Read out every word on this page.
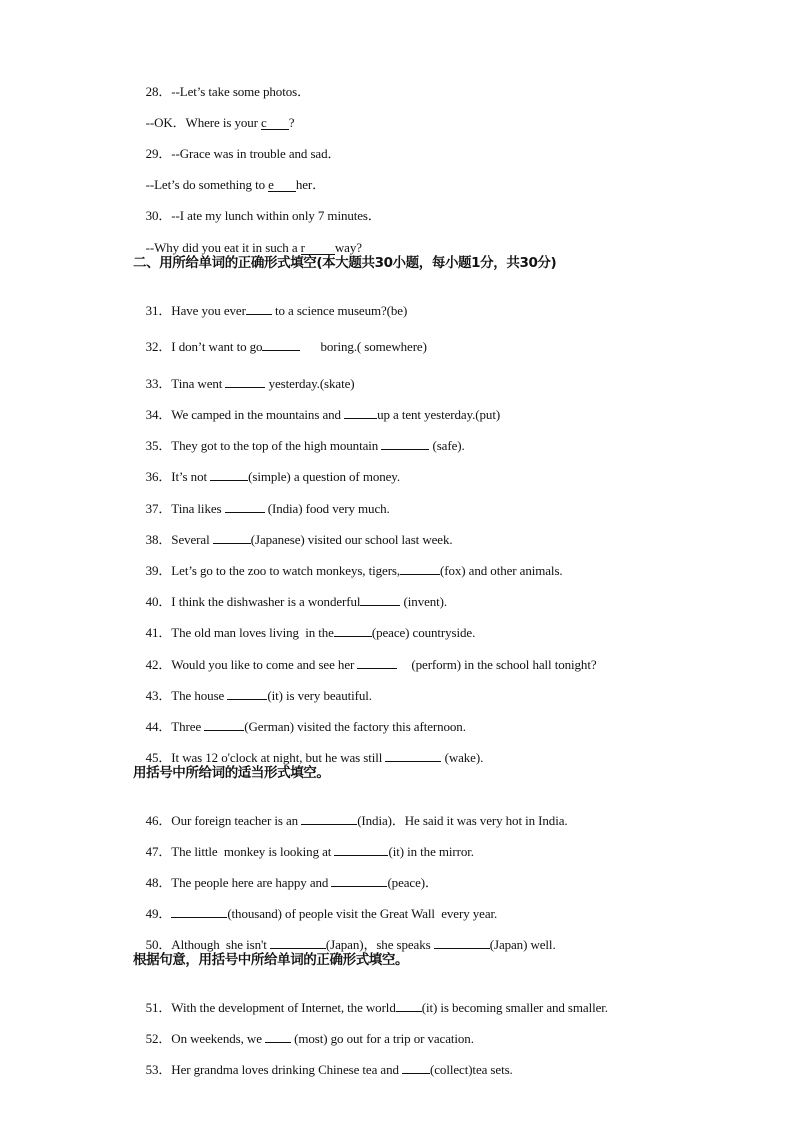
28．--Let’s take some photos．

--OK．Where is your c ?

29．--Grace was in trouble and sad．

--Let’s do something to e her．

30．--I ate my lunch within only 7 minutes．

--Why did you eat it in such a r way?

二、用所给单词的正确形式填空(本大题共30小题，每小题1分，共30分)

31．Have you ever to a science museum?(be)

32．I don’t want to go	boring.( somewhere)

33．Tina went	yesterday.(skate)

34．We camped in the mountains and	up a tent yesterday.(put)

35．They got to the top of the high mountain	(safe).

36．It’s not	(simple) a question of money.

37．Tina likes	(India) food very much.

38．Several	(Japanese) visited our school last week.

39．Let’s go to the zoo to watch monkeys, tigers,	(fox) and other animals.

40．I think the dishwasher is a wonderful	(invent).

41．The old man loves living  in the	(peace) countryside.

42．Would you like to come and see her	(perform) in the school hall tonight?

43．The house	(it) is very beautiful.

44．Three	(German) visited the factory this afternoon.

45．It was 12 o'clock at night, but he was still	(wake).

用括号中所给词的适当形式填空。

46．Our foreign teacher is an	(India)．He said it was very hot in India.

47．The little  monkey is looking at	(it) in the mirror.

48．The people here are happy and	(peace)．

49．	(thousand) of people visit the Great Wall  every year.

50．Although  she isn't	(Japan)，she speaks	(Japan) well.

根据句意，用括号中所给单词的正确形式填空。

51．With the development of Internet, the world (it) is becoming smaller and smaller.

52．On weekends, we  (most) go out for a trip or vacation.

53．Her grandma loves drinking Chinese tea and (collect)tea sets.
